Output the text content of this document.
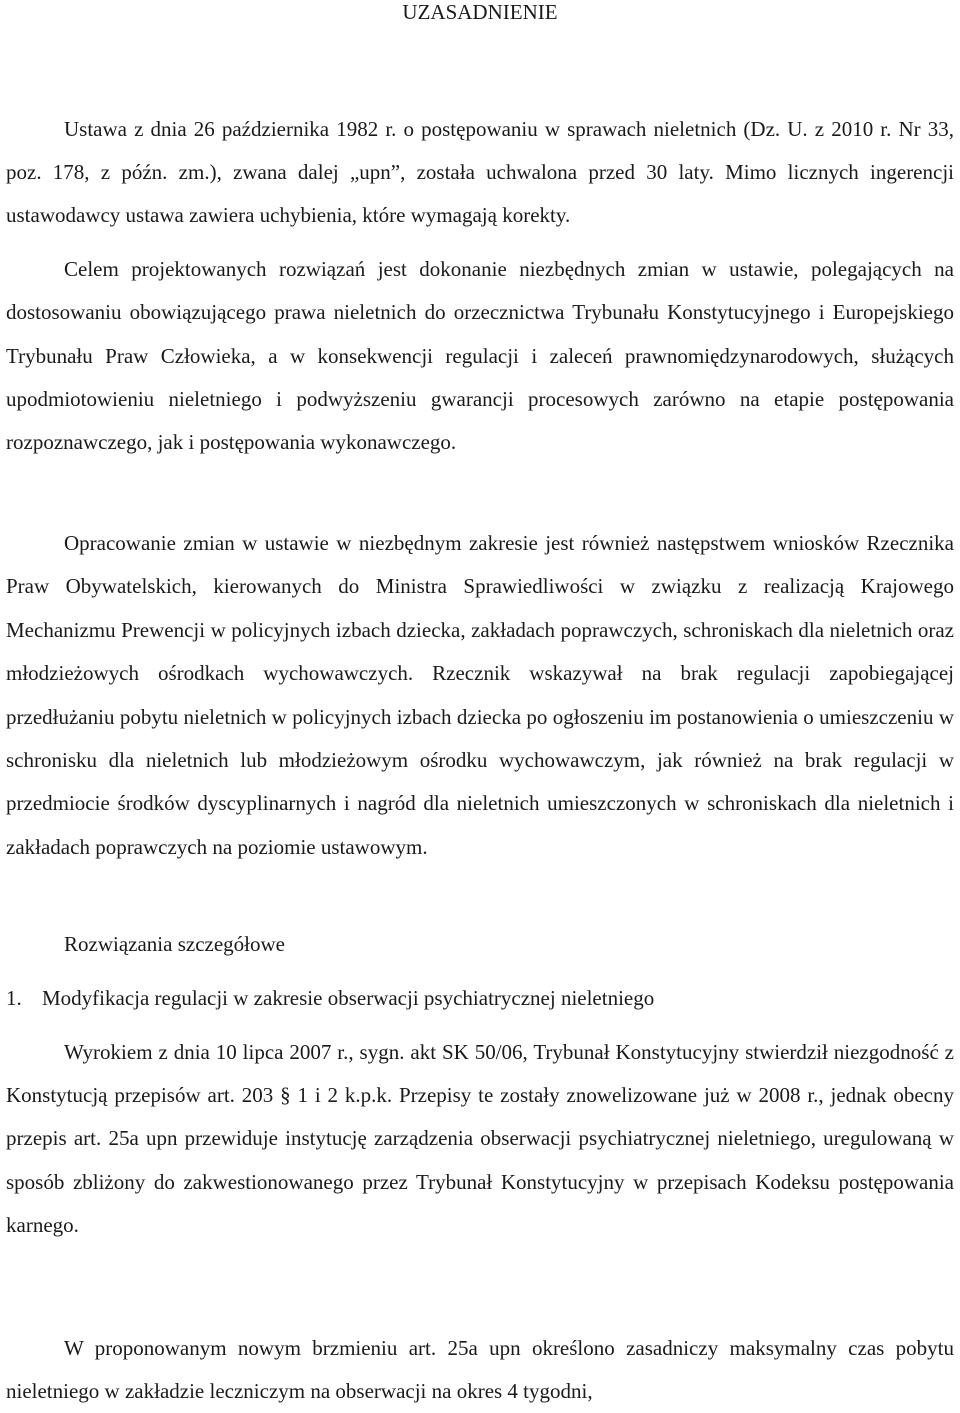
UZASADNIENIE

Ustawa z dnia 26 października 1982 r. o postępowaniu w sprawach nieletnich (Dz. U. z 2010 r. Nr 33, poz. 178, z późn. zm.), zwana dalej „upn”, została uchwalona przed 30 laty. Mimo licznych ingerencji ustawodawcy ustawa zawiera uchybienia, które wymagają korekty.

Celem projektowanych rozwiązań jest dokonanie niezbędnych zmian w ustawie, polegających na dostosowaniu obowiązującego prawa nieletnich do orzecznictwa Trybunału Konstytucyjnego i Europejskiego Trybunału Praw Człowieka, a w konsekwencji regulacji i zaleceń prawnomiędzynarodowych, służących upodmiotowieniu nieletniego i podwyższeniu gwarancji procesowych zarówno na etapie postępowania rozpoznawczego, jak i postępowania wykonawczego.

Opracowanie zmian w ustawie w niezbędnym zakresie jest również następstwem wniosków Rzecznika Praw Obywatelskich, kierowanych do Ministra Sprawiedliwości w związku z realizacją Krajowego Mechanizmu Prewencji w policyjnych izbach dziecka, zakładach poprawczych, schroniskach dla nieletnich oraz młodzieżowych ośrodkach wychowawczych. Rzecznik wskazywał na brak regulacji zapobiegającej przedłużaniu pobytu nieletnich w policyjnych izbach dziecka po ogłoszeniu im postanowienia o umieszczeniu w schronisku dla nieletnich lub młodzieżowym ośrodku wychowawczym, jak również na brak regulacji w przedmiocie środków dyscyplinarnych i nagród dla nieletnich umieszczonych w schroniskach dla nieletnich i zakładach poprawczych na poziomie ustawowym.

Rozwiązania szczegółowe

1. Modyfikacja regulacji w zakresie obserwacji psychiatrycznej nieletniego

Wyrokiem z dnia 10 lipca 2007 r., sygn. akt SK 50/06, Trybunał Konstytucyjny stwierdził niezgodność z Konstytucją przepisów art. 203 § 1 i 2 k.p.k. Przepisy te zostały znowelizowane już w 2008 r., jednak obecny przepis art. 25a upn przewiduje instytucję zarządzenia obserwacji psychiatrycznej nieletniego, uregulowaną w sposób zbliżony do zakwestionowanego przez Trybunał Konstytucyjny w przepisach Kodeksu postępowania karnego.

W proponowanym nowym brzmieniu art. 25a upn określono zasadniczy maksymalny czas pobytu nieletniego w zakładzie leczniczym na obserwacji na okres 4 tygodni,
